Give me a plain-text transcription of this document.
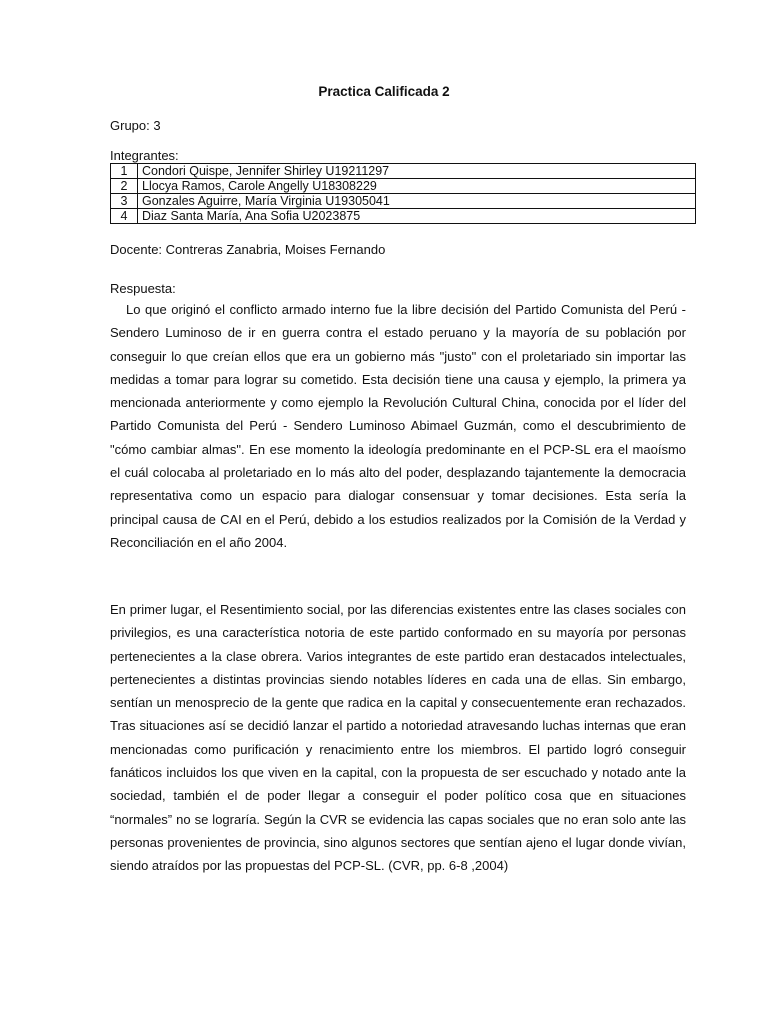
Practica Calificada 2
Grupo: 3
Integrantes:
1	Condori Quispe, Jennifer Shirley U19211297
2	Llocya Ramos, Carole Angelly U18308229
3	Gonzales Aguirre, María Virginia U19305041
4	Diaz Santa María, Ana Sofia U2023875
Docente: Contreras Zanabria, Moises Fernando
Respuesta:

Lo que originó el conflicto armado interno fue la libre decisión del Partido Comunista del Perú - Sendero Luminoso de ir en guerra contra el estado peruano y la mayoría de su población por conseguir lo que creían ellos que era un gobierno más "justo" con el proletariado sin importar las medidas a tomar para lograr su cometido. Esta decisión tiene una causa y ejemplo, la primera ya mencionada anteriormente y como ejemplo la Revolución Cultural China, conocida por el líder del Partido Comunista del Perú - Sendero Luminoso Abimael Guzmán, como el descubrimiento de "cómo cambiar almas". En ese momento la ideología predominante en el PCP-SL era el maoísmo el cuál colocaba al proletariado en lo más alto del poder, desplazando tajantemente la democracia representativa como un espacio para dialogar consensuar y tomar decisiones. Esta sería la principal causa de CAI en el Perú, debido a los estudios realizados por la Comisión de la Verdad y Reconciliación en el año 2004.

En primer lugar, el Resentimiento social, por las diferencias existentes entre las clases sociales con privilegios, es una característica notoria de este partido conformado en su mayoría por personas pertenecientes a la clase obrera. Varios integrantes de este partido eran destacados intelectuales, pertenecientes a distintas provincias siendo notables líderes en cada una de ellas. Sin embargo, sentían un menosprecio de la gente que radica en la capital y consecuentemente eran rechazados. Tras situaciones así se decidió lanzar el partido a notoriedad atravesando luchas internas que eran mencionadas como purificación y renacimiento entre los miembros. El partido logró conseguir fanáticos incluidos los que viven en la capital, con la propuesta de ser escuchado y notado ante la sociedad, también el de poder llegar a conseguir el poder político cosa que en situaciones “normales” no se lograría. Según la CVR se evidencia las capas sociales que no eran solo ante las personas provenientes de provincia, sino algunos sectores que sentían ajeno el lugar donde vivían, siendo atraídos por las propuestas del PCP-SL. (CVR, pp. 6-8 ,2004)
